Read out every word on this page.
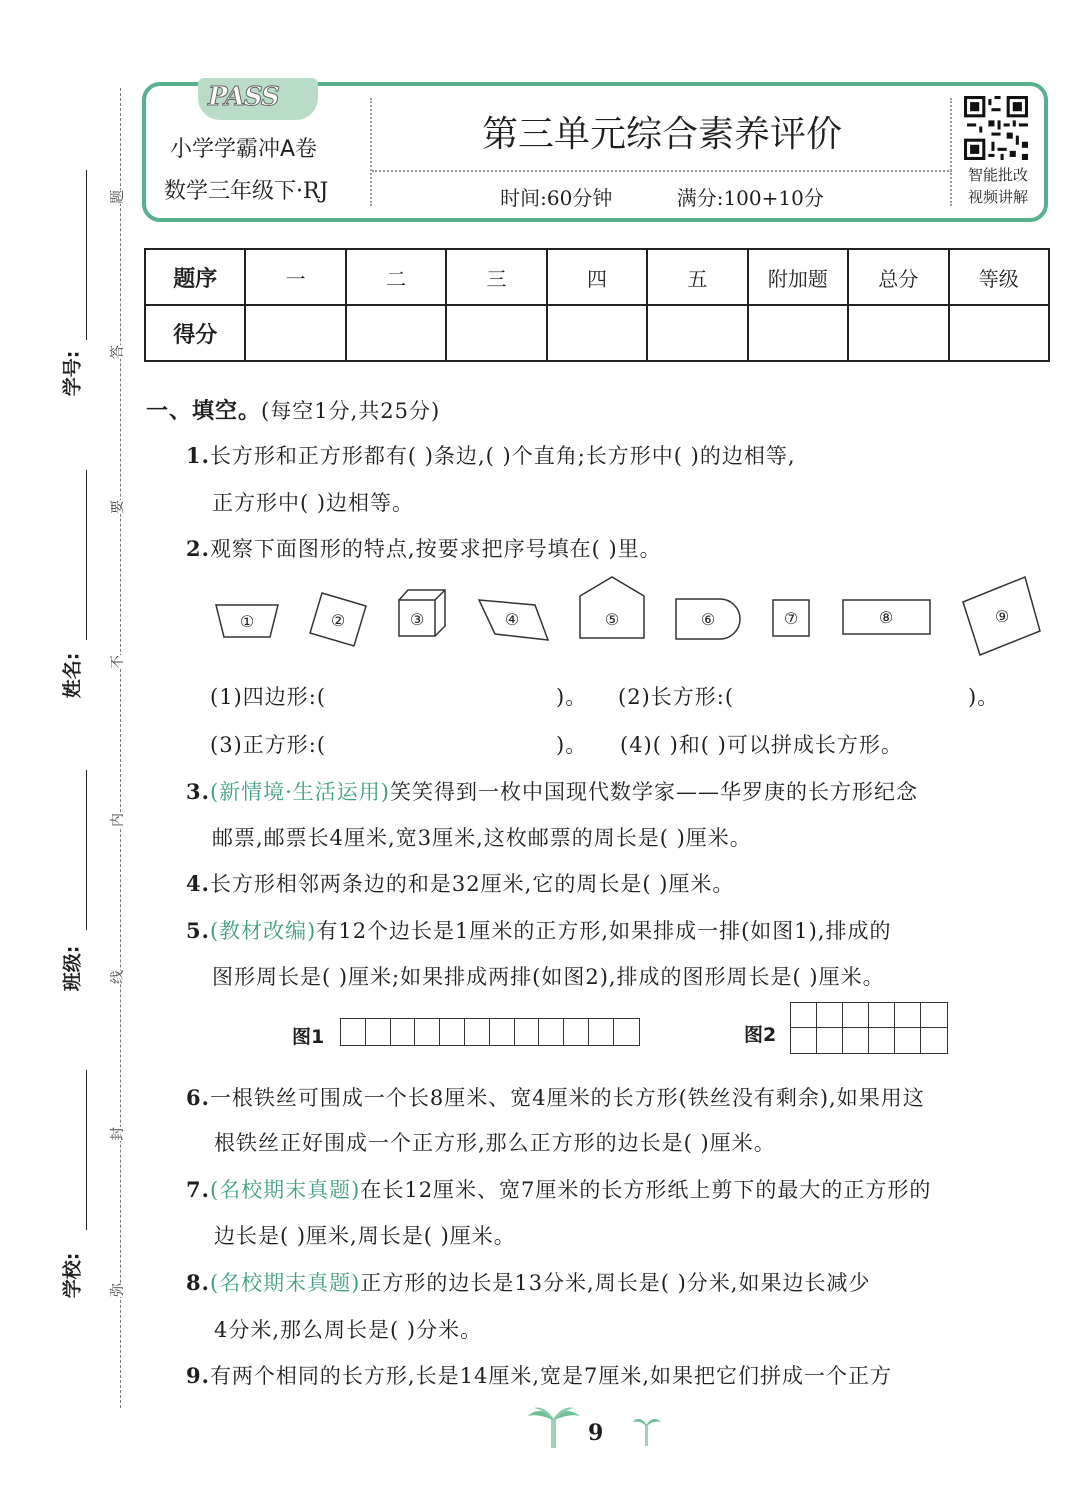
学号:
姓名:
班级:
学校:
题
答
要
不
内
线
封
弥
PASS
小学学霸冲A卷
数学三年级下·RJ
第三单元综合素养评价
时间:60分钟	满分:100+10分
智能批改
视频讲解
题序	一	二	三	四	五	附加题	总分	等级
得分								
一、填空。(每空1分,共25分)
1.长方形和正方形都有( )条边,( )个直角;长方形中( )的边相等,
正方形中( )边相等。
2.观察下面图形的特点,按要求把序号填在( )里。
①	②	③	④	⑤	⑥	⑦	⑧	⑨
(1)四边形:(	)。 (2)长方形:(	)。
(3)正方形:(	)。 (4)( )和( )可以拼成长方形。
3.(新情境·生活运用)笑笑得到一枚中国现代数学家——华罗庚的长方形纪念
邮票,邮票长4厘米,宽3厘米,这枚邮票的周长是( )厘米。
4.长方形相邻两条边的和是32厘米,它的周长是( )厘米。
5.(教材改编)有12个边长是1厘米的正方形,如果排成一排(如图1),排成的
图形周长是( )厘米;如果排成两排(如图2),排成的图形周长是( )厘米。
图1	图2
6.一根铁丝可围成一个长8厘米、宽4厘米的长方形(铁丝没有剩余),如果用这
根铁丝正好围成一个正方形,那么正方形的边长是( )厘米。
7.(名校期末真题)在长12厘米、宽7厘米的长方形纸上剪下的最大的正方形的
边长是( )厘米,周长是( )厘米。
8.(名校期末真题)正方形的边长是13分米,周长是( )分米,如果边长减少
4分米,那么周长是( )分米。
9.有两个相同的长方形,长是14厘米,宽是7厘米,如果把它们拼成一个正方
9
